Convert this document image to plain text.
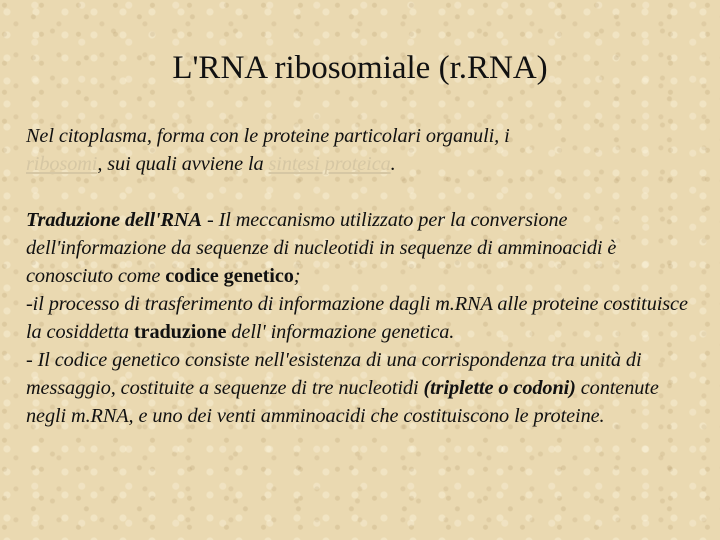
L'RNA ribosomiale (r.RNA)

Nel citoplasma, forma con le proteine particolari organuli, i
ribosomi, sui quali avviene la sintesi proteica.

Traduzione dell'RNA - Il meccanismo utilizzato per la conversione dell'informazione da sequenze di nucleotidi in sequenze di amminoacidi è conosciuto come codice genetico;

-il processo di trasferimento di informazione dagli m.RNA alle proteine costituisce la cosiddetta traduzione dell' informazione genetica.

- Il codice genetico consiste nell'esistenza di una corrispondenza tra unità di messaggio, costituite a sequenze di tre nucleotidi (triplette o codoni) contenute negli m.RNA, e uno dei venti amminoacidi che costituiscono le proteine.
